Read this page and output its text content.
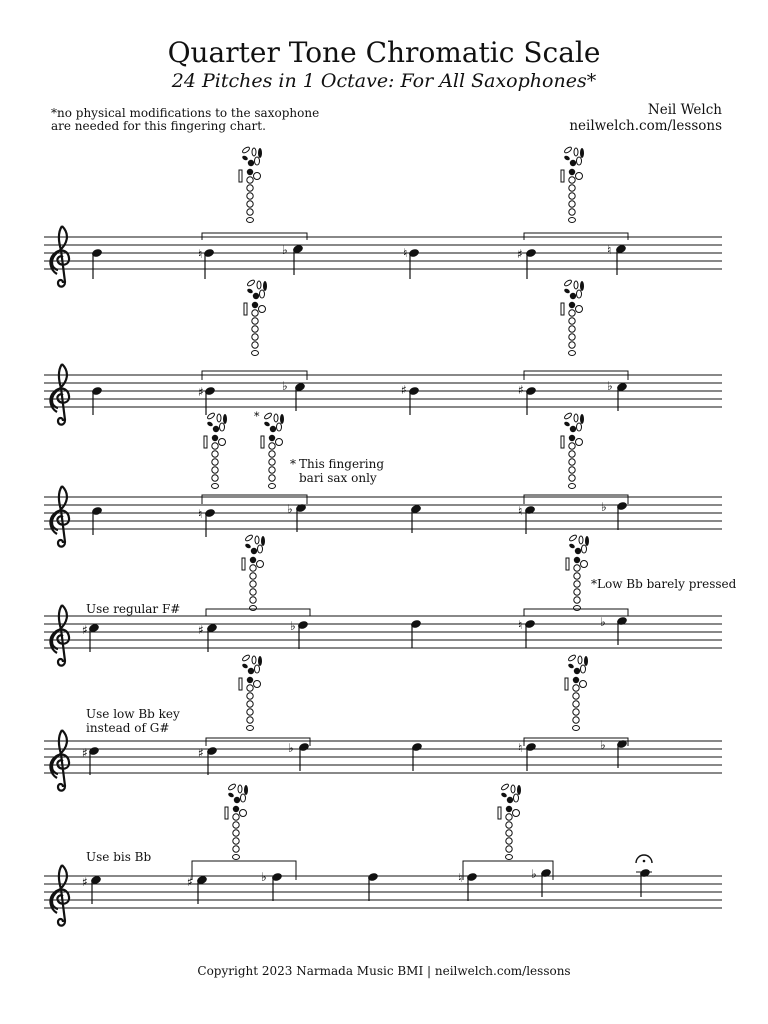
Quarter Tone Chromatic Scale
24 Pitches in 1 Octave: For All Saxophones*
*no physical modifications to the saxophone
are needed for this fingering chart.
Neil Welch
neilwelch.com/lessons
♮	♭	♮	♯	♮
♯	♭	♯	♯	♭
*
♮	♭	♮	♭
♯	♯	♭	♮	♭
♯	♯	♭	♮	♭
♯	♯	♭	♮	♭
* This fingering
bari sax only
*Low Bb barely pressed
Use regular F#
Use low Bb key
instead of G#
Use bis Bb
Copyright 2023 Narmada Music BMI | neilwelch.com/lessons
